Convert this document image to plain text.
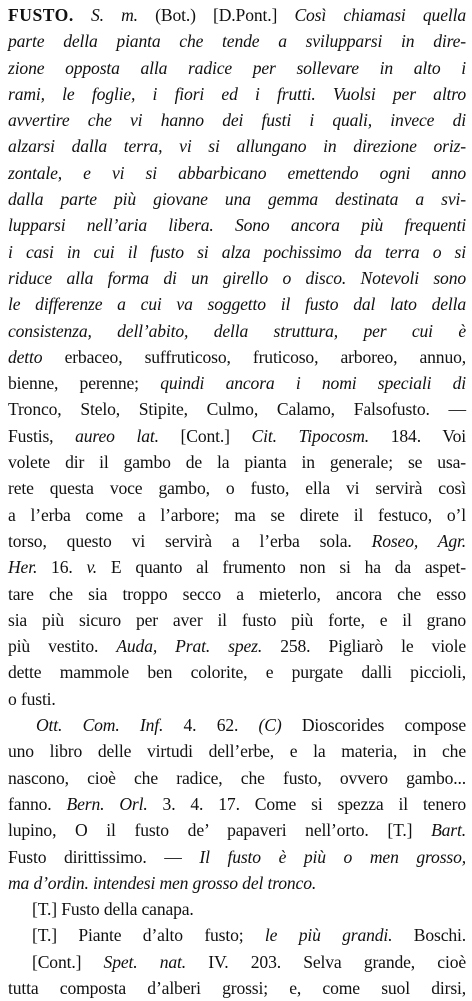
FUSTO. S. m. (Bot.) [D.Pont.] Così chiamasi quella
parte della pianta che tende a svilupparsi in dire-
zione opposta alla radice per sollevare in alto i
rami, le foglie, i fiori ed i frutti. Vuolsi per altro
avvertire che vi hanno dei fusti i quali, invece di
alzarsi dalla terra, vi si allungano in direzione oriz-
zontale, e vi si abbarbicano emettendo ogni anno
dalla parte più giovane una gemma destinata a svi-
lupparsi nell’aria libera. Sono ancora più frequenti
i casi in cui il fusto si alza pochissimo da terra o si
riduce alla forma di un girello o disco. Notevoli sono
le differenze a cui va soggetto il fusto dal lato della
consistenza, dell’abito, della struttura, per cui è
detto erbaceo, suffruticoso, fruticoso, arboreo, annuo,
bienne, perenne; quindi ancora i nomi speciali di
Tronco, Stelo, Stipite, Culmo, Calamo, Falsofusto. —
Fustis, aureo lat. [Cont.] Cit. Tipocosm. 184. Voi
volete dir il gambo de la pianta in generale; se usa-
rete questa voce gambo, o fusto, ella vi servirà così
a l’erba come a l’arbore; ma se direte il festuco, o’l
torso, questo vi servirà a l’erba sola. Roseo, Agr.
Her. 16. v. E quanto al frumento non si ha da aspet-
tare che sia troppo secco a mieterlo, ancora che esso
sia più sicuro per aver il fusto più forte, e il grano
più vestito. Auda, Prat. spez. 258. Pigliarò le viole
dette mammole ben colorite, e purgate dalli piccioli,
o fusti.
Ott. Com. Inf. 4. 62. (C) Dioscorides compose
uno libro delle virtudi dell’erbe, e la materia, in che
nascono, cioè che radice, che fusto, ovvero gambo...
fanno. Bern. Orl. 3. 4. 17. Come si spezza il tenero
lupino, O il fusto de’ papaveri nell’orto. [T.] Bart.
Fusto dirittissimo. — Il fusto è più o men grosso,
ma d’ordin. intendesi men grosso del tronco.
[T.] Fusto della canapa.
[T.] Piante d’alto fusto; le più grandi. Boschi.
[Cont.] Spet. nat. IV. 203. Selva grande, cioè
tutta composta d’alberi grossi; e, come suol dirsi,
